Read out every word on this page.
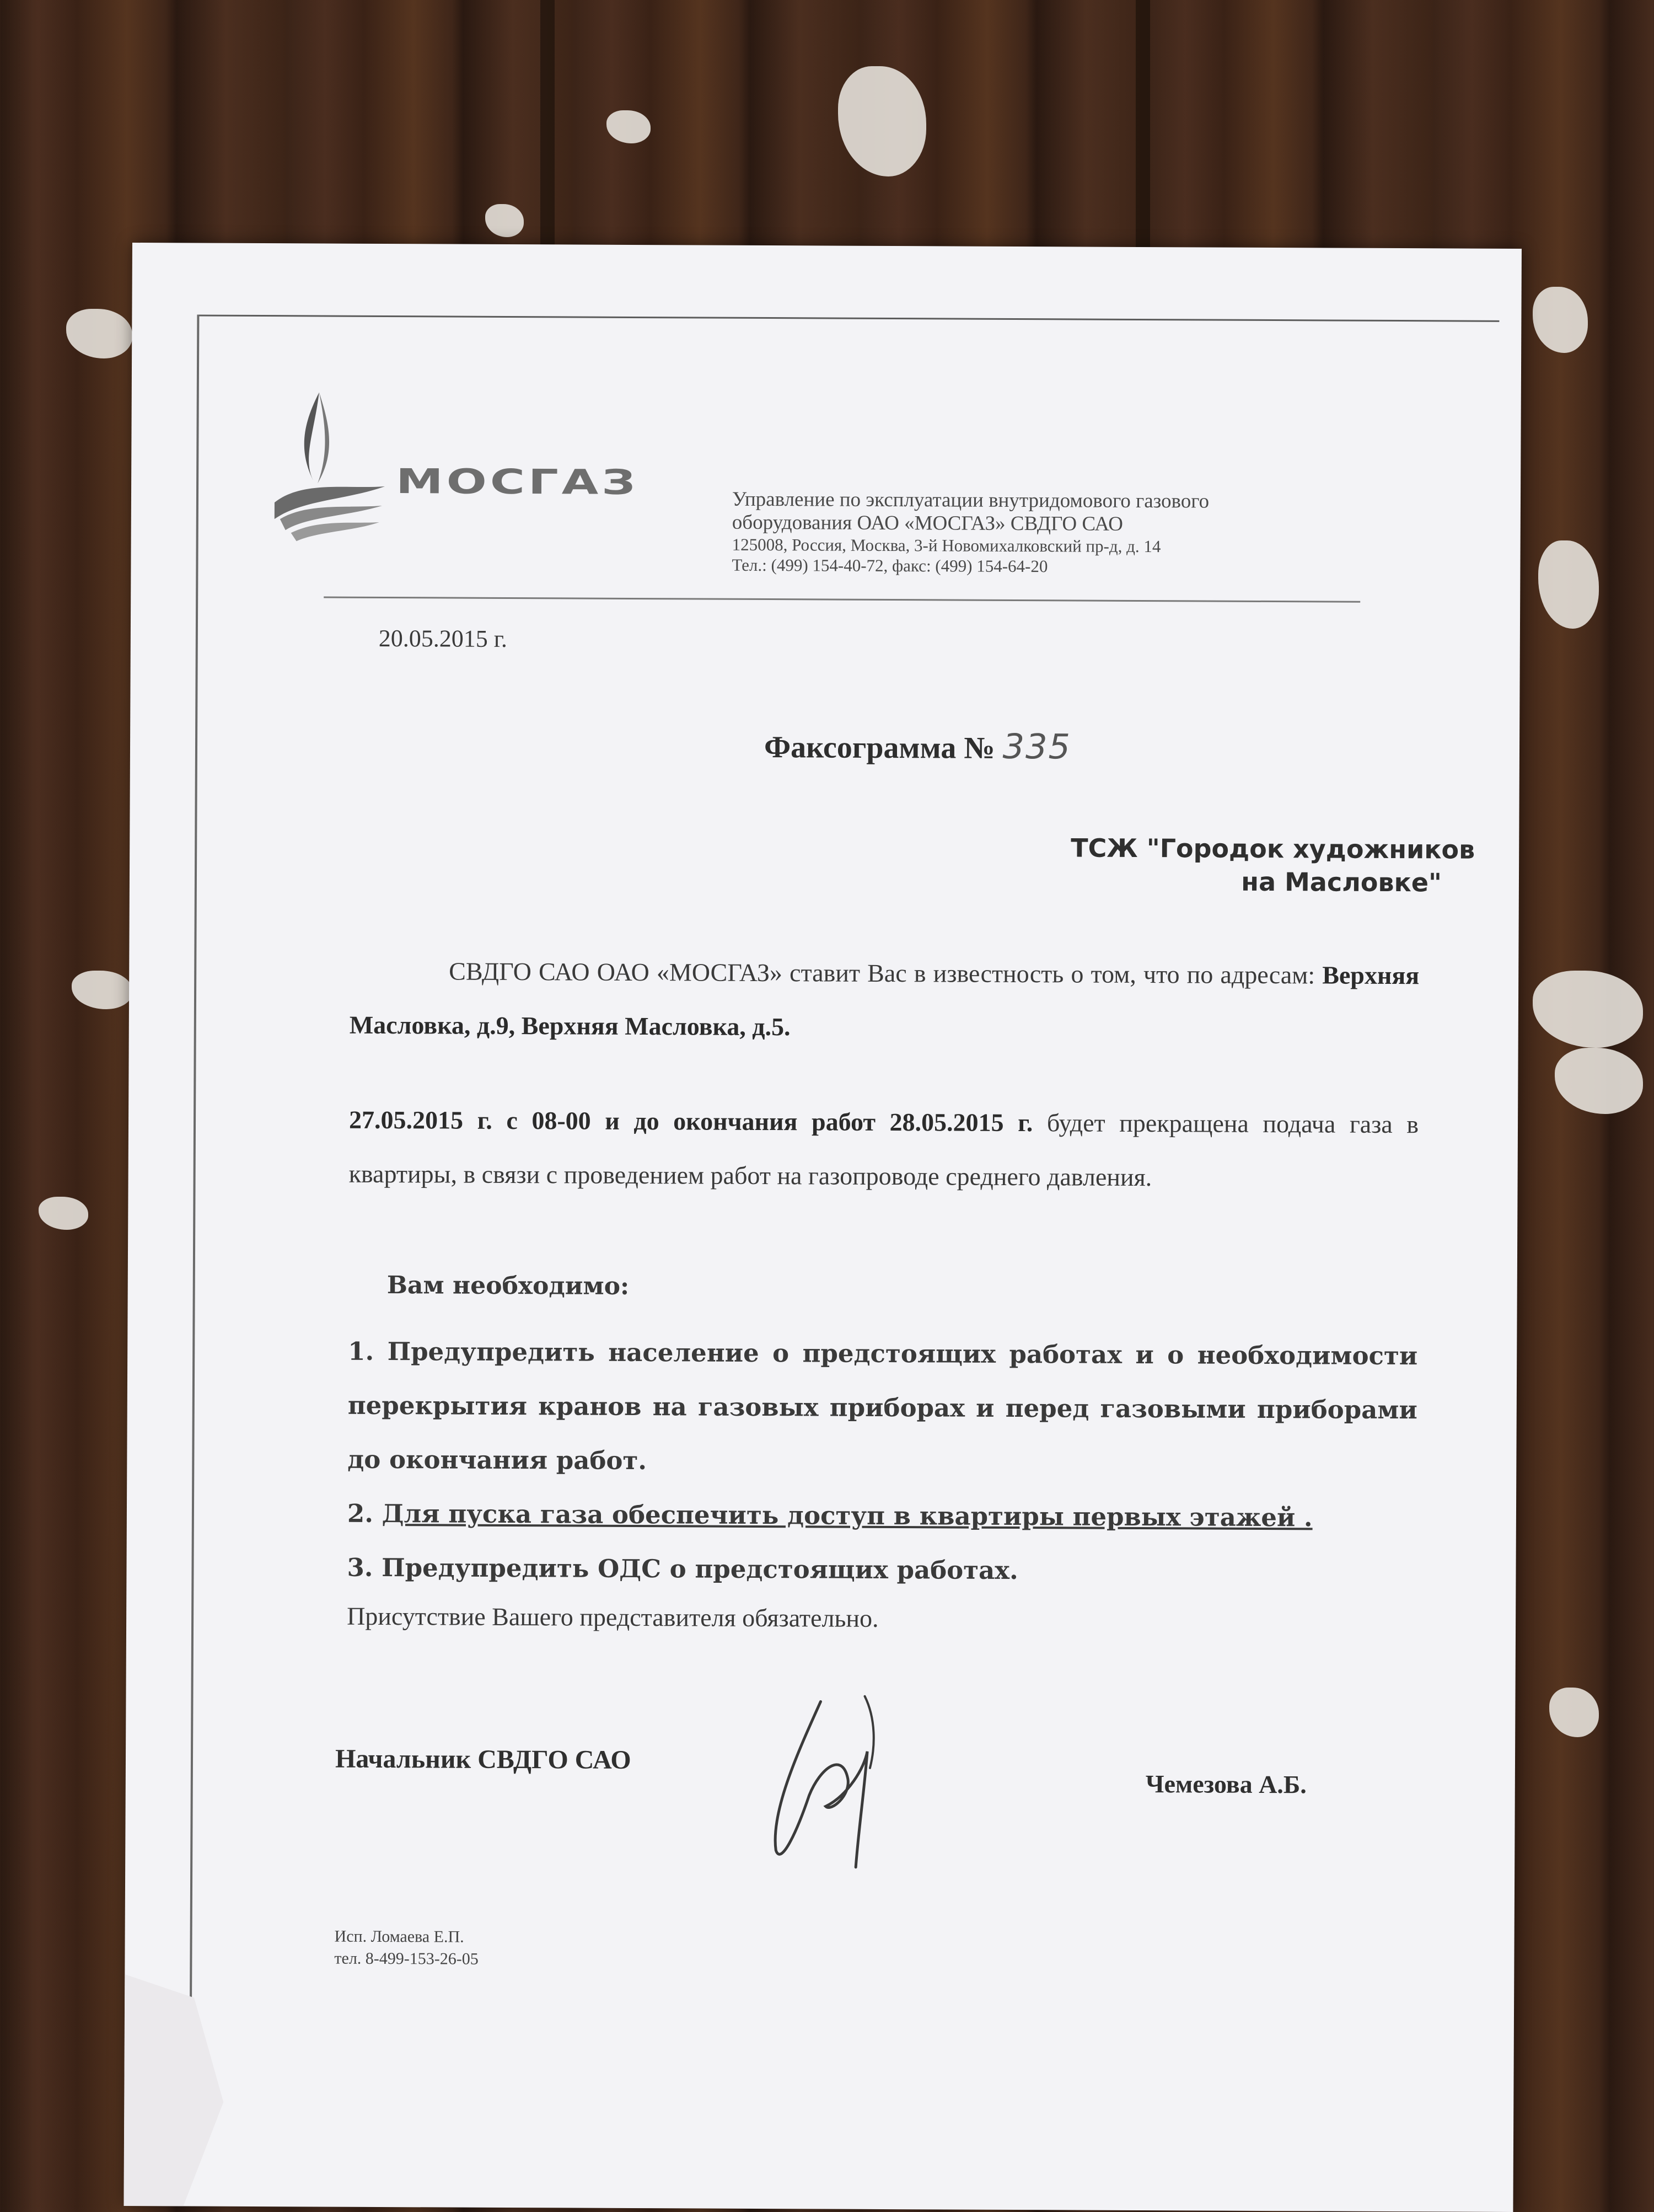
МОСГАЗ	Управление по эксплуатации внутридомового газового
оборудования ОАО «МОСГАЗ» СВДГО САО
125008, Россия, Москва, 3-й Новомихалковский пр-д, д. 14
Тел.: (499) 154-40-72, факс: (499) 154-64-20
20.05.2015 г.
Факсограмма № 335
ТСЖ "Городок художников
на Масловке"
СВДГО САО ОАО «МОСГАЗ» ставит Вас в известность о том, что по адресам: Верхняя Масловка, д.9, Верхняя Масловка, д.5.
27.05.2015 г. с 08-00 и до окончания работ 28.05.2015 г. будет прекращена подача газа в квартиры, в связи с проведением работ на газопроводе среднего давления.
Вам необходимо:
1. Предупредить население о предстоящих работах и о необходимости перекрытия кранов на газовых приборах и перед газовыми приборами до окончания работ.
2. Для пуска газа обеспечить доступ в квартиры первых этажей .
3. Предупредить ОДС о предстоящих работах.
Присутствие Вашего представителя обязательно.
Начальник СВДГО САО
Чемезова А.Б.
Исп. Ломаева Е.П.
тел. 8-499-153-26-05
